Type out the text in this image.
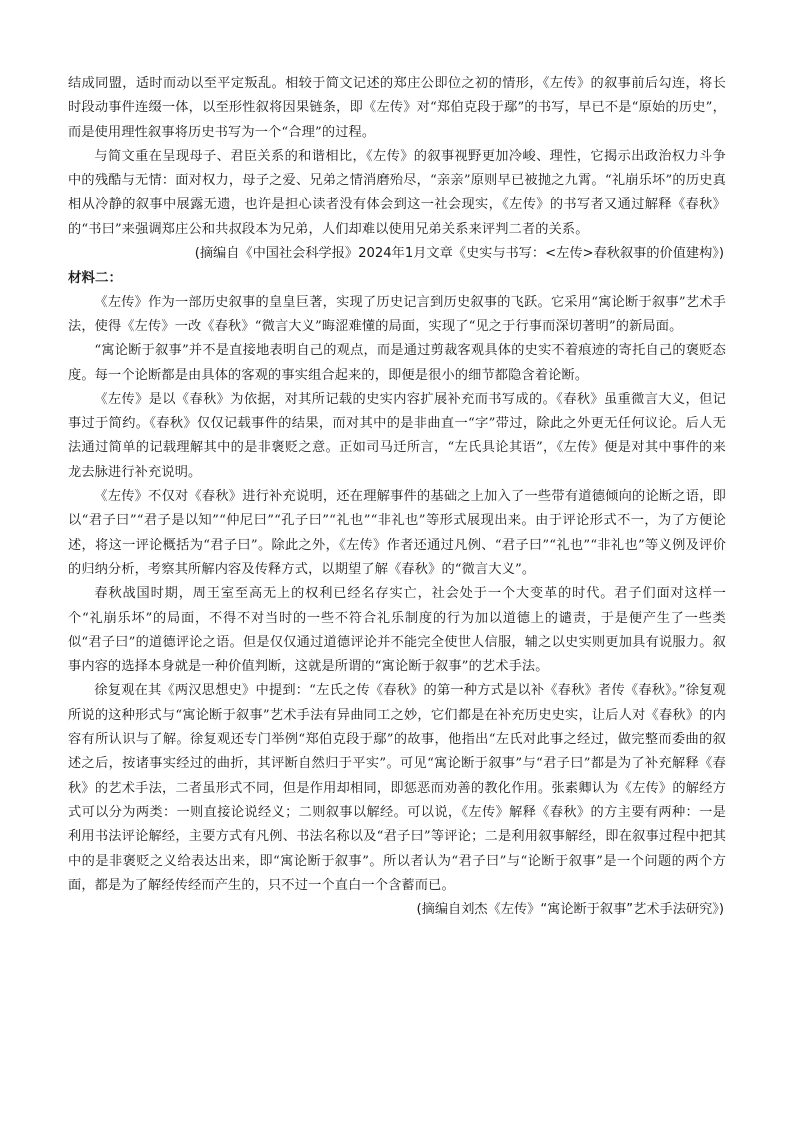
结成同盟，适时而动以至平定叛乱。相较于简文记述的郑庄公即位之初的情形，《左传》的叙事前后勾连，将长时段动事件连缀一体，以至形性叙将因果链条，即《左传》对“郑伯克段于鄢”的书写，早已不是“原始的历史”，而是使用理性叙事将历史书写为一个“合理”的过程。

与简文重在呈现母子、君臣关系的和谐相比，《左传》的叙事视野更加冷峻、理性，它揭示出政治权力斗争中的残酷与无情：面对权力，母子之爱、兄弟之情消磨殆尽，“亲亲”原则早已被抛之九霄。“礼崩乐坏”的历史真相从冷静的叙事中展露无遗，也许是担心读者没有体会到这一社会现实，《左传》的书写者又通过解释《春秋》的“书曰”来强调郑庄公和共叔段本为兄弟，人们却难以使用兄弟关系来评判二者的关系。

(摘编自《中国社会科学报》2024年1月文章《史实与书写：<左传>春秋叙事的价值建构》)

材料二：

《左传》作为一部历史叙事的皇皇巨著，实现了历史记言到历史叙事的飞跃。它采用“寓论断于叙事”艺术手法，使得《左传》一改《春秋》“微言大义”晦涩难懂的局面，实现了“见之于行事而深切著明”的新局面。

“寓论断于叙事”并不是直接地表明自己的观点，而是通过剪裁客观具体的史实不着痕迹的寄托自己的褒贬态度。每一个论断都是由具体的客观的事实组合起来的，即便是很小的细节都隐含着论断。

《左传》是以《春秋》为依据，对其所记载的史实内容扩展补充而书写成的。《春秋》虽重微言大义，但记事过于简约。《春秋》仅仅记载事件的结果，而对其中的是非曲直一“字”带过，除此之外更无任何议论。后人无法通过简单的记载理解其中的是非褒贬之意。正如司马迁所言，“左氏具论其语”，《左传》便是对其中事件的来龙去脉进行补充说明。

《左传》不仅对《春秋》进行补充说明，还在理解事件的基础之上加入了一些带有道德倾向的论断之语，即以“君子曰”“君子是以知”“仲尼曰”“孔子曰”“礼也”“非礼也”等形式展现出来。由于评论形式不一，为了方便论述，将这一评论概括为“君子曰”。除此之外，《左传》作者还通过凡例、“君子曰”“礼也”“非礼也”等义例及评价的归纳分析，考察其所解内容及传释方式，以期望了解《春秋》的“微言大义”。

春秋战国时期，周王室至高无上的权利已经名存实亡，社会处于一个大变革的时代。君子们面对这样一个“礼崩乐坏”的局面，不得不对当时的一些不符合礼乐制度的行为加以道德上的谴责，于是便产生了一些类似“君子曰”的道德评论之语。但是仅仅通过道德评论并不能完全使世人信服，辅之以史实则更加具有说服力。叙事内容的选择本身就是一种价值判断，这就是所谓的“寓论断于叙事”的艺术手法。

徐复观在其《两汉思想史》中提到：“左氏之传《春秋》的第一种方式是以补《春秋》者传《春秋》。”徐复观所说的这种形式与“寓论断于叙事”艺术手法有异曲同工之妙，它们都是在补充历史史实，让后人对《春秋》的内容有所认识与了解。徐复观还专门举例“郑伯克段于鄢”的故事，他指出“左氏对此事之经过，做完整而委曲的叙述之后，按诸事实经过的曲折，其评断自然归于平实”。可见“寓论断于叙事”与“君子曰”都是为了补充解释《春秋》的艺术手法，二者虽形式不同，但是作用却相同，即惩恶而劝善的教化作用。张素卿认为《左传》的解经方式可以分为两类：一则直接论说经义；二则叙事以解经。可以说，《左传》解释《春秋》的方主要有两种：一是利用书法评论解经，主要方式有凡例、书法名称以及“君子曰”等评论；二是利用叙事解经，即在叙事过程中把其中的是非褒贬之义给表达出来，即“寓论断于叙事”。所以者认为“君子曰”与“论断于叙事”是一个问题的两个方面，都是为了解经传经而产生的，只不过一个直白一个含蓄而已。

(摘编自刘杰《左传》“寓论断于叙事”艺术手法研究》)
